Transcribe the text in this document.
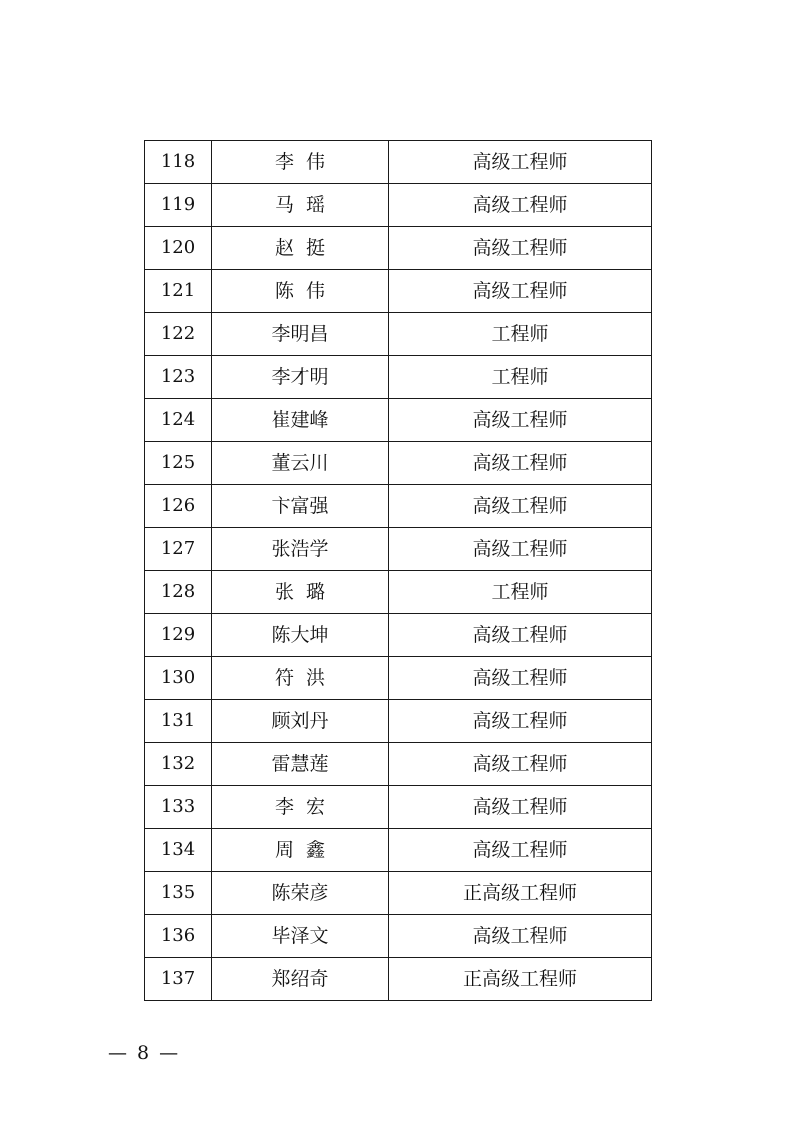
118	李  伟	高级工程师
119	马  瑶	高级工程师
120	赵  挺	高级工程师
121	陈  伟	高级工程师
122	李明昌	工程师
123	李才明	工程师
124	崔建峰	高级工程师
125	董云川	高级工程师
126	卞富强	高级工程师
127	张浩学	高级工程师
128	张  璐	工程师
129	陈大坤	高级工程师
130	符  洪	高级工程师
131	顾刘丹	高级工程师
132	雷慧莲	高级工程师
133	李  宏	高级工程师
134	周  鑫	高级工程师
135	陈荣彦	正高级工程师
136	毕泽文	高级工程师
137	郑绍奇	正高级工程师
— 8 —
